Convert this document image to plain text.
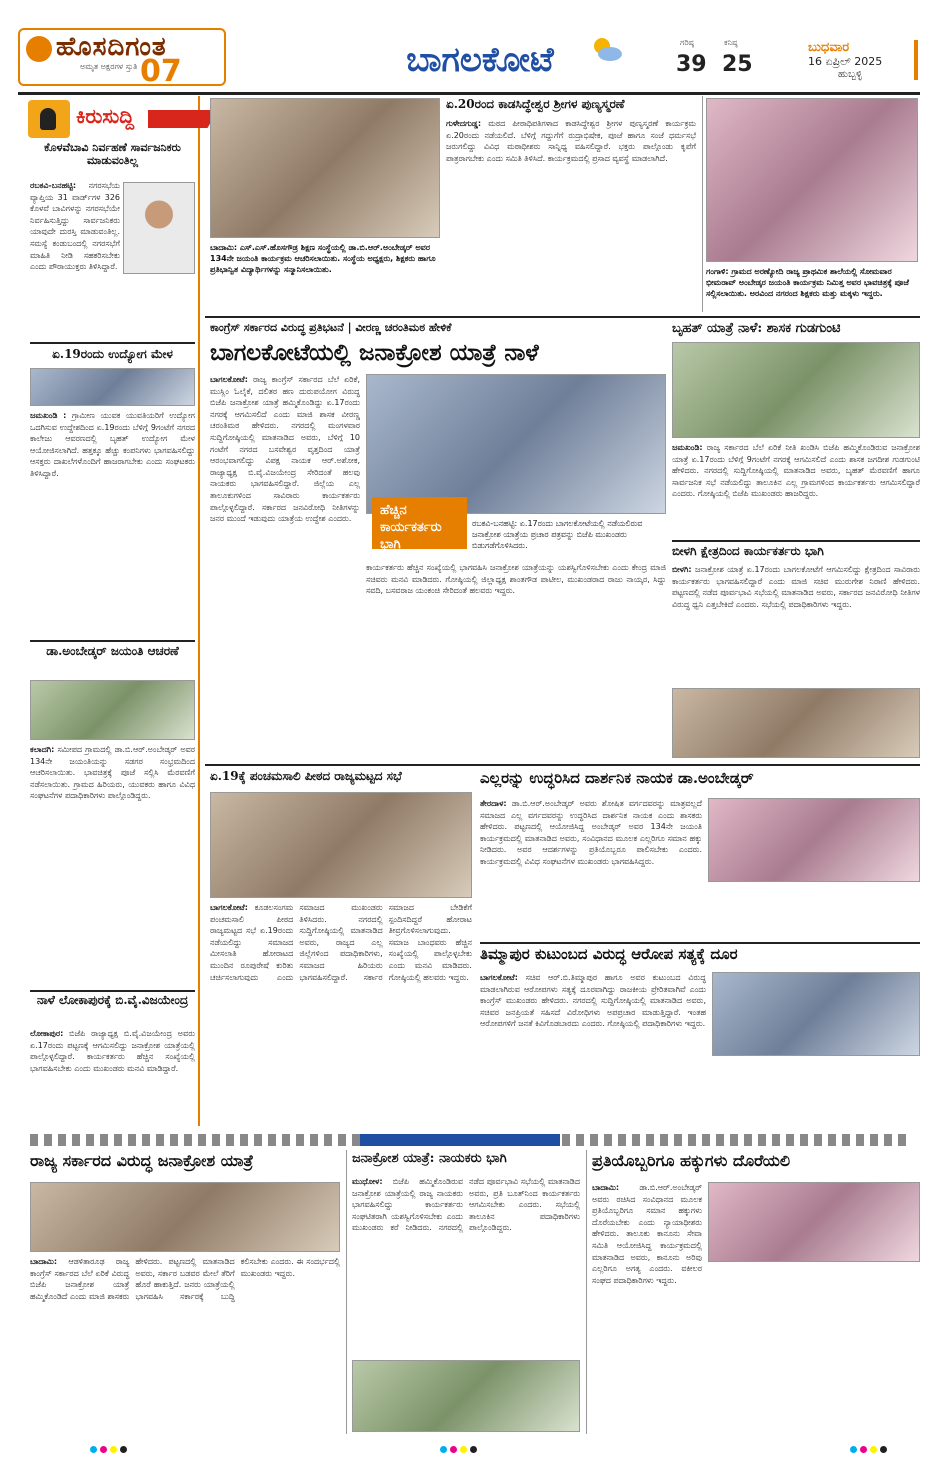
ಹೊಸದಿಗಂತ
ಅಮೃತ ಅಕ್ಷರಗಳ ಸ್ತುತಿ 07	ಬಾಗಲಕೋಟೆ	ಗರಿಷ್ಠ
39
ಕನಿಷ್ಠ
25
ಬುಧವಾರ
16 ಏಪ್ರಿಲ್ 2025
ಹುಬ್ಬಳ್ಳಿ
ಕಿರುಸುದ್ದಿ
ಕೊಳವೆಬಾವಿ ನಿರ್ವಹಣೆ ಸಾರ್ವಜನಿಕರು ಮಾಡುವಂತಿಲ್ಲ
ರಬಕವಿ-ಬನಹಟ್ಟಿ: ನಗರಸಭೆಯ ವ್ಯಾಪ್ತಿಯ 31 ವಾರ್ಡ್‌ಗಳ 326 ಕೊಳವೆ ಬಾವಿಗಳನ್ನು ನಗರಸಭೆಯೇ ನಿರ್ವಹಿಸುತ್ತಿದ್ದು ಸಾರ್ವಜನಿಕರು ಯಾವುದೇ ದುರಸ್ತಿ ಮಾಡುವಂತಿಲ್ಲ. ಸಮಸ್ಯೆ ಕಂಡುಬಂದಲ್ಲಿ ನಗರಸಭೆಗೆ ಮಾಹಿತಿ ನೀಡಿ ಸಹಕರಿಸಬೇಕು ಎಂದು ಪೌರಾಯುಕ್ತರು ತಿಳಿಸಿದ್ದಾರೆ.
ಏ.19ರಂದು ಉದ್ಯೋಗ ಮೇಳ
ಜಮಖಂಡಿ : ಗ್ರಾಮೀಣ ಯುವಕ ಯುವತಿಯರಿಗೆ ಉದ್ಯೋಗ ಒದಗಿಸುವ ಉದ್ದೇಶದಿಂದ ಏ.19ರಂದು ಬೆಳಿಗ್ಗೆ 9ಗಂಟೆಗೆ ನಗರದ ಕಾಲೇಜು ಆವರಣದಲ್ಲಿ ಬೃಹತ್ ಉದ್ಯೋಗ ಮೇಳ ಆಯೋಜಿಸಲಾಗಿದೆ. ಹತ್ತಕ್ಕೂ ಹೆಚ್ಚು ಕಂಪನಿಗಳು ಭಾಗವಹಿಸಲಿದ್ದು ಆಸಕ್ತರು ದಾಖಲೆಗಳೊಂದಿಗೆ ಹಾಜರಾಗಬೇಕು ಎಂದು ಸಂಘಟಕರು ತಿಳಿಸಿದ್ದಾರೆ.
ಡಾ.ಅಂಬೇಡ್ಕರ್ ಜಯಂತಿ ಆಚರಣೆ
ಕಲಾದಗಿ: ಸಮೀಪದ ಗ್ರಾಮದಲ್ಲಿ ಡಾ.ಬಿ.ಆರ್.ಅಂಬೇಡ್ಕರ್ ಅವರ 134ನೇ ಜಯಂತಿಯನ್ನು ಸಡಗರ ಸಂಭ್ರಮದಿಂದ ಆಚರಿಸಲಾಯಿತು. ಭಾವಚಿತ್ರಕ್ಕೆ ಪೂಜೆ ಸಲ್ಲಿಸಿ ಮೆರವಣಿಗೆ ನಡೆಸಲಾಯಿತು. ಗ್ರಾಮದ ಹಿರಿಯರು, ಯುವಕರು ಹಾಗೂ ವಿವಿಧ ಸಂಘಟನೆಗಳ ಪದಾಧಿಕಾರಿಗಳು ಪಾಲ್ಗೊಂಡಿದ್ದರು.
ನಾಳೆ ಲೋಕಾಪುರಕ್ಕೆ ಬಿ.ವೈ.ವಿಜಯೇಂದ್ರ
ಲೋಕಾಪುರ: ಬಿಜೆಪಿ ರಾಜ್ಯಾಧ್ಯಕ್ಷ ಬಿ.ವೈ.ವಿಜಯೇಂದ್ರ ಅವರು ಏ.17ರಂದು ಪಟ್ಟಣಕ್ಕೆ ಆಗಮಿಸಲಿದ್ದು ಜನಾಕ್ರೋಶ ಯಾತ್ರೆಯಲ್ಲಿ ಪಾಲ್ಗೊಳ್ಳಲಿದ್ದಾರೆ. ಕಾರ್ಯಕರ್ತರು ಹೆಚ್ಚಿನ ಸಂಖ್ಯೆಯಲ್ಲಿ ಭಾಗವಹಿಸಬೇಕು ಎಂದು ಮುಖಂಡರು ಮನವಿ ಮಾಡಿದ್ದಾರೆ.
ಬಾದಾಮಿ: ಎಸ್.ಎಸ್.ಹೊಸಗೌಡ್ರ ಶಿಕ್ಷಣ ಸಂಸ್ಥೆಯಲ್ಲಿ ಡಾ.ಬಿ.ಆರ್.ಅಂಬೇಡ್ಕರ್ ಅವರ 134ನೇ ಜಯಂತಿ ಕಾರ್ಯಕ್ರಮ ಆಚರಿಸಲಾಯಿತು. ಸಂಸ್ಥೆಯ ಅಧ್ಯಕ್ಷರು, ಶಿಕ್ಷಕರು ಹಾಗೂ ಪ್ರತಿಭಾನ್ವಿತ ವಿದ್ಯಾರ್ಥಿಗಳನ್ನು ಸನ್ಮಾನಿಸಲಾಯಿತು.
ಏ.20ರಂದ ಕಾಡಸಿದ್ಧೇಶ್ವರ ಶ್ರೀಗಳ ಪುಣ್ಯಸ್ಮರಣೆ
ಗುಳೇದಗುಡ್ಡ: ಮಠದ ಪೀಠಾಧಿಪತಿಗಳಾದ ಕಾಡಸಿದ್ಧೇಶ್ವರ ಶ್ರೀಗಳ ಪುಣ್ಯಸ್ಮರಣೆ ಕಾರ್ಯಕ್ರಮ ಏ.20ರಂದು ನಡೆಯಲಿದೆ. ಬೆಳಿಗ್ಗೆ ಗದ್ದುಗೆಗೆ ರುದ್ರಾಭಿಷೇಕ, ಪೂಜೆ ಹಾಗೂ ಸಂಜೆ ಧರ್ಮಸಭೆ ಜರುಗಲಿದ್ದು ವಿವಿಧ ಮಠಾಧೀಶರು ಸಾನ್ನಿಧ್ಯ ವಹಿಸಲಿದ್ದಾರೆ. ಭಕ್ತರು ಪಾಲ್ಗೊಂಡು ಕೃಪೆಗೆ ಪಾತ್ರರಾಗಬೇಕು ಎಂದು ಸಮಿತಿ ತಿಳಿಸಿದೆ. ಕಾರ್ಯಕ್ರಮದಲ್ಲಿ ಪ್ರಸಾದ ವ್ಯವಸ್ಥೆ ಮಾಡಲಾಗಿದೆ.
ಗಂಗಾಳಿ: ಗ್ರಾಮದ ಅರಣ್ಯೋದಿ ರಾಜ್ಯ ಪ್ರಾಥಮಿಕ ಶಾಲೆಯಲ್ಲಿ ಸೋಮವಾರ ಭೀಮರಾವ್ ಅಂಬೇಡ್ಕರ ಜಯಂತಿ ಕಾರ್ಯಕ್ರಮ ನಿಮಿತ್ತ ಅವರ ಭಾವಚಿತ್ರಕ್ಕೆ ಪೂಜೆ ಸಲ್ಲಿಸಲಾಯಿತು. ಅರವಿಂದ ನಗರಂದ ಶಿಕ್ಷಕರು ಮತ್ತು ಮಕ್ಕಳು ಇದ್ದರು.
ಕಾಂಗ್ರೆಸ್ ಸರ್ಕಾರದ ವಿರುದ್ಧ ಪ್ರತಿಭಟನೆ | ವೀರಣ್ಣ ಚರಂತಿಮಠ ಹೇಳಿಕೆ
ಬಾಗಲಕೋಟೆಯಲ್ಲಿ ಜನಾಕ್ರೋಶ ಯಾತ್ರೆ ನಾಳೆ
ಬಾಗಲಕೋಟೆ: ರಾಜ್ಯ ಕಾಂಗ್ರೆಸ್ ಸರ್ಕಾರದ ಬೆಲೆ ಏರಿಕೆ, ಮುಸ್ಲಿಂ ಓಲೈಕೆ, ದಲಿತರ ಹಣ ದುರುಪಯೋಗ ವಿರುದ್ಧ ಬಿಜೆಪಿ ಜನಾಕ್ರೋಶ ಯಾತ್ರೆ ಹಮ್ಮಿಕೊಂಡಿದ್ದು ಏ.17ರಂದು ನಗರಕ್ಕೆ ಆಗಮಿಸಲಿದೆ ಎಂದು ಮಾಜಿ ಶಾಸಕ ವೀರಣ್ಣ ಚರಂತಿಮಠ ಹೇಳಿದರು. ನಗರದಲ್ಲಿ ಮಂಗಳವಾರ ಸುದ್ದಿಗೋಷ್ಠಿಯಲ್ಲಿ ಮಾತನಾಡಿದ ಅವರು, ಬೆಳಿಗ್ಗೆ 10 ಗಂಟೆಗೆ ನಗರದ ಬಸವೇಶ್ವರ ವೃತ್ತದಿಂದ ಯಾತ್ರೆ ಆರಂಭವಾಗಲಿದ್ದು ವಿಪಕ್ಷ ನಾಯಕ ಆರ್.ಅಶೋಕ, ರಾಜ್ಯಾಧ್ಯಕ್ಷ ಬಿ.ವೈ.ವಿಜಯೇಂದ್ರ ಸೇರಿದಂತೆ ಹಲವು ನಾಯಕರು ಭಾಗವಹಿಸಲಿದ್ದಾರೆ. ಜಿಲ್ಲೆಯ ಎಲ್ಲ ತಾಲೂಕುಗಳಿಂದ ಸಾವಿರಾರು ಕಾರ್ಯಕರ್ತರು ಪಾಲ್ಗೊಳ್ಳಲಿದ್ದಾರೆ. ಸರ್ಕಾರದ ಜನವಿರೋಧಿ ನೀತಿಗಳನ್ನು ಜನರ ಮುಂದೆ ಇಡುವುದು ಯಾತ್ರೆಯ ಉದ್ದೇಶ ಎಂದರು.
ಹೆಚ್ಚಿನ ಕಾರ್ಯಕರ್ತರು ಭಾಗಿ
ರಬಕವಿ-ಬನಹಟ್ಟಿ: ಏ.17ರಂದು ಬಾಗಲಕೋಟೆಯಲ್ಲಿ ನಡೆಯಲಿರುವ ಜನಾಕ್ರೋಶ ಯಾತ್ರೆಯ ಪ್ರಚಾರ ಪತ್ರವನ್ನು ಬಿಜೆಪಿ ಮುಖಂಡರು ಬಿಡುಗಡೆಗೊಳಿಸಿದರು.
ಕಾರ್ಯಕರ್ತರು ಹೆಚ್ಚಿನ ಸಂಖ್ಯೆಯಲ್ಲಿ ಭಾಗವಹಿಸಿ ಜನಾಕ್ರೋಶ ಯಾತ್ರೆಯನ್ನು ಯಶಸ್ವಿಗೊಳಿಸಬೇಕು ಎಂದು ಕೇಂದ್ರ ಮಾಜಿ ಸಚಿವರು ಮನವಿ ಮಾಡಿದರು. ಗೋಷ್ಠಿಯಲ್ಲಿ ಜಿಲ್ಲಾಧ್ಯಕ್ಷ ಶಾಂತಗೌಡ ಪಾಟೀಲ, ಮುಖಂಡರಾದ ರಾಜು ನಾಯ್ಕರ, ಸಿದ್ದು ಸವದಿ, ಬಸವರಾಜ ಯಂಕಂಚಿ ಸೇರಿದಂತೆ ಹಲವರು ಇದ್ದರು.
ಬೃಹತ್ ಯಾತ್ರೆ ನಾಳೆ: ಶಾಸಕ ಗುಡಗುಂಟಿ
ಜಮಖಂಡಿ: ರಾಜ್ಯ ಸರ್ಕಾರದ ಬೆಲೆ ಏರಿಕೆ ನೀತಿ ಖಂಡಿಸಿ ಬಿಜೆಪಿ ಹಮ್ಮಿಕೊಂಡಿರುವ ಜನಾಕ್ರೋಶ ಯಾತ್ರೆ ಏ.17ರಂದು ಬೆಳಿಗ್ಗೆ 9ಗಂಟೆಗೆ ನಗರಕ್ಕೆ ಆಗಮಿಸಲಿದೆ ಎಂದು ಶಾಸಕ ಜಗದೀಶ ಗುಡಗುಂಟಿ ಹೇಳಿದರು. ನಗರದಲ್ಲಿ ಸುದ್ದಿಗೋಷ್ಠಿಯಲ್ಲಿ ಮಾತನಾಡಿದ ಅವರು, ಬೃಹತ್ ಮೆರವಣಿಗೆ ಹಾಗೂ ಸಾರ್ವಜನಿಕ ಸಭೆ ನಡೆಯಲಿದ್ದು ತಾಲೂಕಿನ ಎಲ್ಲ ಗ್ರಾಮಗಳಿಂದ ಕಾರ್ಯಕರ್ತರು ಆಗಮಿಸಲಿದ್ದಾರೆ ಎಂದರು. ಗೋಷ್ಠಿಯಲ್ಲಿ ಬಿಜೆಪಿ ಮುಖಂಡರು ಹಾಜರಿದ್ದರು.
ಬೀಳಗಿ ಕ್ಷೇತ್ರದಿಂದ ಕಾರ್ಯಕರ್ತರು ಭಾಗಿ
ಬೀಳಗಿ: ಜನಾಕ್ರೋಶ ಯಾತ್ರೆ ಏ.17ರಂದು ಬಾಗಲಕೋಟೆಗೆ ಆಗಮಿಸಲಿದ್ದು ಕ್ಷೇತ್ರದಿಂದ ಸಾವಿರಾರು ಕಾರ್ಯಕರ್ತರು ಭಾಗವಹಿಸಲಿದ್ದಾರೆ ಎಂದು ಮಾಜಿ ಸಚಿವ ಮುರುಗೇಶ ನಿರಾಣಿ ಹೇಳಿದರು. ಪಟ್ಟಣದಲ್ಲಿ ನಡೆದ ಪೂರ್ವಭಾವಿ ಸಭೆಯಲ್ಲಿ ಮಾತನಾಡಿದ ಅವರು, ಸರ್ಕಾರದ ಜನವಿರೋಧಿ ನೀತಿಗಳ ವಿರುದ್ಧ ಧ್ವನಿ ಎತ್ತಬೇಕಿದೆ ಎಂದರು. ಸಭೆಯಲ್ಲಿ ಪದಾಧಿಕಾರಿಗಳು ಇದ್ದರು.
ಏ.19ಕ್ಕೆ ಪಂಚಮಸಾಲಿ ಪೀಠದ ರಾಜ್ಯಮಟ್ಟದ ಸಭೆ
ಬಾಗಲಕೋಟೆ: ಕೂಡಲಸಂಗಮ ಪಂಚಮಸಾಲಿ ಪೀಠದ ರಾಜ್ಯಮಟ್ಟದ ಸಭೆ ಏ.19ರಂದು ನಡೆಯಲಿದ್ದು ಸಮಾಜದ ಮೀಸಲಾತಿ ಹೋರಾಟದ ಮುಂದಿನ ರೂಪುರೇಷೆ ಕುರಿತು ಚರ್ಚಿಸಲಾಗುವುದು ಎಂದು ಸಮಾಜದ ಮುಖಂಡರು ತಿಳಿಸಿದರು. ನಗರದಲ್ಲಿ ಸುದ್ದಿಗೋಷ್ಠಿಯಲ್ಲಿ ಮಾತನಾಡಿದ ಅವರು, ರಾಜ್ಯದ ಎಲ್ಲ ಜಿಲ್ಲೆಗಳಿಂದ ಪದಾಧಿಕಾರಿಗಳು, ಸಮಾಜದ ಹಿರಿಯರು ಭಾಗವಹಿಸಲಿದ್ದಾರೆ. ಸರ್ಕಾರ ಸಮಾಜದ ಬೇಡಿಕೆಗೆ ಸ್ಪಂದಿಸದಿದ್ದರೆ ಹೋರಾಟ ತೀವ್ರಗೊಳಿಸಲಾಗುವುದು. ಸಮಾಜ ಬಾಂಧವರು ಹೆಚ್ಚಿನ ಸಂಖ್ಯೆಯಲ್ಲಿ ಪಾಲ್ಗೊಳ್ಳಬೇಕು ಎಂದು ಮನವಿ ಮಾಡಿದರು. ಗೋಷ್ಠಿಯಲ್ಲಿ ಹಲವರು ಇದ್ದರು.
ಎಲ್ಲರನ್ನು ಉದ್ಧರಿಸಿದ ದಾರ್ಶನಿಕ ನಾಯಕ ಡಾ.ಅಂಬೇಡ್ಕರ್
ತೇರದಾಳ: ಡಾ.ಬಿ.ಆರ್.ಅಂಬೇಡ್ಕರ್ ಅವರು ಶೋಷಿತ ವರ್ಗದವರನ್ನು ಮಾತ್ರವಲ್ಲದೆ ಸಮಾಜದ ಎಲ್ಲ ವರ್ಗದವರನ್ನು ಉದ್ಧರಿಸಿದ ದಾರ್ಶನಿಕ ನಾಯಕ ಎಂದು ಶಾಸಕರು ಹೇಳಿದರು. ಪಟ್ಟಣದಲ್ಲಿ ಆಯೋಜಿಸಿದ್ದ ಅಂಬೇಡ್ಕರ್ ಅವರ 134ನೇ ಜಯಂತಿ ಕಾರ್ಯಕ್ರಮದಲ್ಲಿ ಮಾತನಾಡಿದ ಅವರು, ಸಂವಿಧಾನದ ಮೂಲಕ ಎಲ್ಲರಿಗೂ ಸಮಾನ ಹಕ್ಕು ನೀಡಿದರು. ಅವರ ಆದರ್ಶಗಳನ್ನು ಪ್ರತಿಯೊಬ್ಬರೂ ಪಾಲಿಸಬೇಕು ಎಂದರು. ಕಾರ್ಯಕ್ರಮದಲ್ಲಿ ವಿವಿಧ ಸಂಘಟನೆಗಳ ಮುಖಂಡರು ಭಾಗವಹಿಸಿದ್ದರು.
ತಿಮ್ಮಾಪುರ ಕುಟುಂಬದ ವಿರುದ್ಧ ಆರೋಪ ಸತ್ಯಕ್ಕೆ ದೂರ
ಬಾಗಲಕೋಟೆ: ಸಚಿವ ಆರ್.ಬಿ.ತಿಮ್ಮಾಪುರ ಹಾಗೂ ಅವರ ಕುಟುಂಬದ ವಿರುದ್ಧ ಮಾಡಲಾಗಿರುವ ಆರೋಪಗಳು ಸತ್ಯಕ್ಕೆ ದೂರವಾಗಿದ್ದು ರಾಜಕೀಯ ಪ್ರೇರಿತವಾಗಿವೆ ಎಂದು ಕಾಂಗ್ರೆಸ್ ಮುಖಂಡರು ಹೇಳಿದರು. ನಗರದಲ್ಲಿ ಸುದ್ದಿಗೋಷ್ಠಿಯಲ್ಲಿ ಮಾತನಾಡಿದ ಅವರು, ಸಚಿವರ ಜನಪ್ರಿಯತೆ ಸಹಿಸದೆ ವಿರೋಧಿಗಳು ಅಪಪ್ರಚಾರ ಮಾಡುತ್ತಿದ್ದಾರೆ. ಇಂತಹ ಆರೋಪಗಳಿಗೆ ಜನತೆ ಕಿವಿಗೊಡಬಾರದು ಎಂದರು. ಗೋಷ್ಠಿಯಲ್ಲಿ ಪದಾಧಿಕಾರಿಗಳು ಇದ್ದರು.
ರಾಜ್ಯ ಸರ್ಕಾರದ ವಿರುದ್ಧ ಜನಾಕ್ರೋಶ ಯಾತ್ರೆ
ಬಾದಾಮಿ: ಆಡಳಿತಾರೂಢ ರಾಜ್ಯ ಕಾಂಗ್ರೆಸ್ ಸರ್ಕಾರದ ಬೆಲೆ ಏರಿಕೆ ವಿರುದ್ಧ ಬಿಜೆಪಿ ಜನಾಕ್ರೋಶ ಯಾತ್ರೆ ಹಮ್ಮಿಕೊಂಡಿದೆ ಎಂದು ಮಾಜಿ ಶಾಸಕರು ಹೇಳಿದರು. ಪಟ್ಟಣದಲ್ಲಿ ಮಾತನಾಡಿದ ಅವರು, ಸರ್ಕಾರ ಬಡವರ ಮೇಲೆ ತೆರಿಗೆ ಹೊರೆ ಹಾಕುತ್ತಿದೆ. ಜನರು ಯಾತ್ರೆಯಲ್ಲಿ ಭಾಗವಹಿಸಿ ಸರ್ಕಾರಕ್ಕೆ ಬುದ್ಧಿ ಕಲಿಸಬೇಕು ಎಂದರು. ಈ ಸಂದರ್ಭದಲ್ಲಿ ಮುಖಂಡರು ಇದ್ದರು.
ಜನಾಕ್ರೋಶ ಯಾತ್ರೆ: ನಾಯಕರು ಭಾಗಿ
ಮುಧೋಳ: ಬಿಜೆಪಿ ಹಮ್ಮಿಕೊಂಡಿರುವ ಜನಾಕ್ರೋಶ ಯಾತ್ರೆಯಲ್ಲಿ ರಾಜ್ಯ ನಾಯಕರು ಭಾಗವಹಿಸಲಿದ್ದು ಕಾರ್ಯಕರ್ತರು ಸಂಘಟಿತರಾಗಿ ಯಶಸ್ವಿಗೊಳಿಸಬೇಕು ಎಂದು ಮುಖಂಡರು ಕರೆ ನೀಡಿದರು. ನಗರದಲ್ಲಿ ನಡೆದ ಪೂರ್ವಭಾವಿ ಸಭೆಯಲ್ಲಿ ಮಾತನಾಡಿದ ಅವರು, ಪ್ರತಿ ಬೂತ್‌ನಿಂದ ಕಾರ್ಯಕರ್ತರು ಆಗಮಿಸಬೇಕು ಎಂದರು. ಸಭೆಯಲ್ಲಿ ತಾಲೂಕಿನ ಪದಾಧಿಕಾರಿಗಳು ಪಾಲ್ಗೊಂಡಿದ್ದರು.
ಪ್ರತಿಯೊಬ್ಬರಿಗೂ ಹಕ್ಕುಗಳು ದೊರೆಯಲಿ
ಬಾದಾಮಿ:	ಡಾ.ಬಿ.ಆರ್.ಅಂಬೇಡ್ಕರ್ ಅವರು ರಚಿಸಿದ ಸಂವಿಧಾನದ ಮೂಲಕ ಪ್ರತಿಯೊಬ್ಬರಿಗೂ ಸಮಾನ ಹಕ್ಕುಗಳು ದೊರೆಯಬೇಕು ಎಂದು ನ್ಯಾಯಾಧೀಶರು ಹೇಳಿದರು. ತಾಲೂಕು ಕಾನೂನು ಸೇವಾ ಸಮಿತಿ ಆಯೋಜಿಸಿದ್ದ ಕಾರ್ಯಕ್ರಮದಲ್ಲಿ ಮಾತನಾಡಿದ ಅವರು, ಕಾನೂನು ಅರಿವು ಎಲ್ಲರಿಗೂ ಅಗತ್ಯ ಎಂದರು. ವಕೀಲರ ಸಂಘದ ಪದಾಧಿಕಾರಿಗಳು ಇದ್ದರು.
